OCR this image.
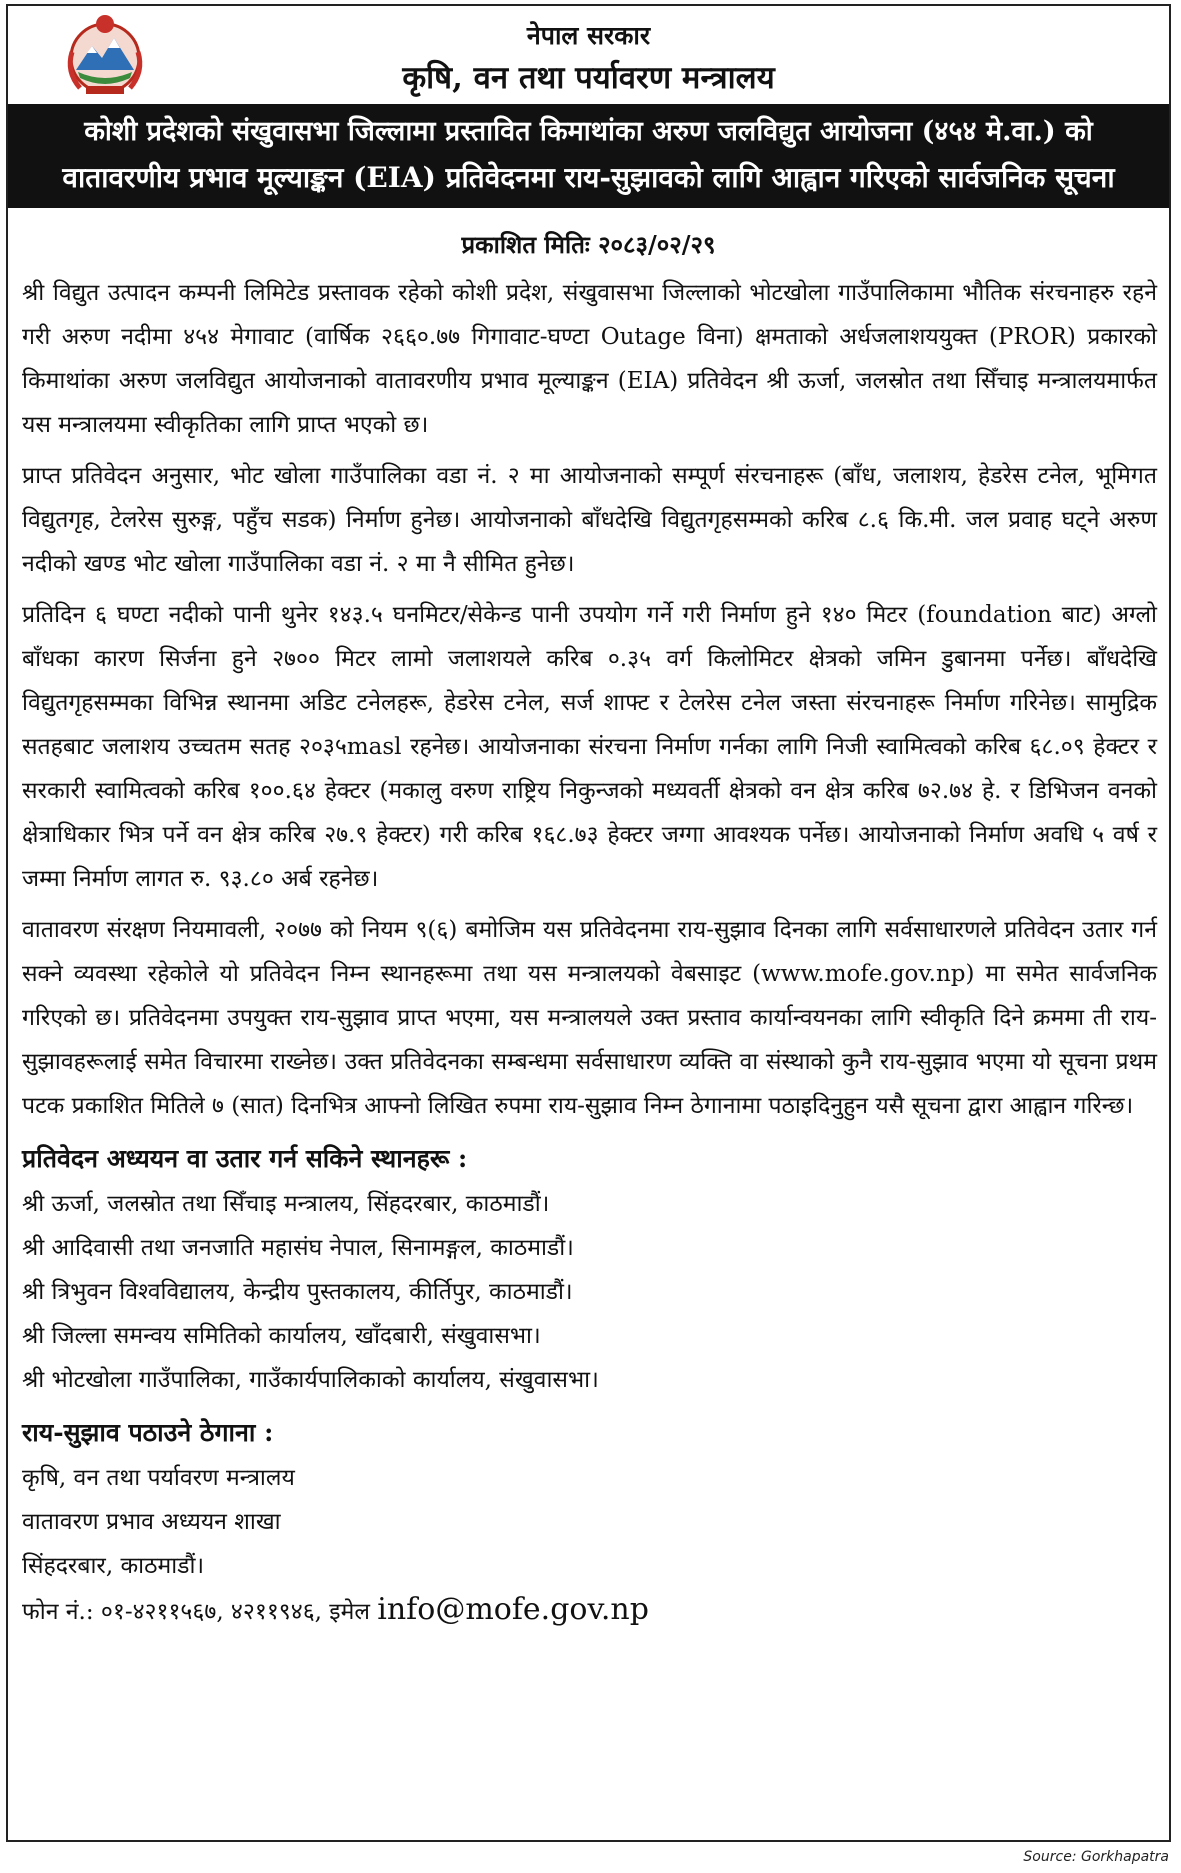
नेपाल सरकार
कृषि, वन तथा पर्यावरण मन्त्रालय
कोशी प्रदेशको संखुवासभा जिल्लामा प्रस्तावित किमाथांका अरुण जलविद्युत आयोजना (४५४ मे.वा.) को
वातावरणीय प्रभाव मूल्याङ्कन (EIA) प्रतिवेदनमा राय-सुझावको लागि आह्वान गरिएको सार्वजनिक सूचना
प्रकाशित मितिः २०८३/०२/२९

श्री विद्युत उत्पादन कम्पनी लिमिटेड प्रस्तावक रहेको कोशी प्रदेश, संखुवासभा जिल्लाको भोटखोला गाउँपालिकामा भौतिक संरचनाहरु रहने गरी अरुण नदीमा ४५४ मेगावाट (वार्षिक २६६०.७७ गिगावाट-घण्टा Outage विना) क्षमताको अर्धजलाशययुक्त (PROR) प्रकारको किमाथांका अरुण जलविद्युत आयोजनाको वातावरणीय प्रभाव मूल्याङ्कन (EIA) प्रतिवेदन श्री ऊर्जा, जलस्रोत तथा सिँचाइ मन्त्रालयमार्फत यस मन्त्रालयमा स्वीकृतिका लागि प्राप्त भएको छ।

प्राप्त प्रतिवेदन अनुसार, भोट खोला गाउँपालिका वडा नं. २ मा आयोजनाको सम्पूर्ण संरचनाहरू (बाँध, जलाशय, हेडरेस टनेल, भूमिगत विद्युतगृह, टेलरेस सुरुङ्ग, पहुँच सडक) निर्माण हुनेछ। आयोजनाको बाँधदेखि विद्युतगृहसम्मको करिब ८.६ कि.मी. जल प्रवाह घट्ने अरुण नदीको खण्ड भोट खोला गाउँपालिका वडा नं. २ मा नै सीमित हुनेछ।

प्रतिदिन ६ घण्टा नदीको पानी थुनेर १४३.५ घनमिटर/सेकेन्ड पानी उपयोग गर्ने गरी निर्माण हुने १४० मिटर (foundation बाट) अग्लो बाँधका कारण सिर्जना हुने २७०० मिटर लामो जलाशयले करिब ०.३५ वर्ग किलोमिटर क्षेत्रको जमिन डुबानमा पर्नेछ। बाँधदेखि विद्युतगृहसम्मका विभिन्न स्थानमा अडिट टनेलहरू, हेडरेस टनेल, सर्ज शाफ्ट र टेलरेस टनेल जस्ता संरचनाहरू निर्माण गरिनेछ। सामुद्रिक सतहबाट जलाशय उच्चतम सतह २०३५masl रहनेछ। आयोजनाका संरचना निर्माण गर्नका लागि निजी स्वामित्वको करिब ६८.०९ हेक्टर र सरकारी स्वामित्वको करिब १००.६४ हेक्टर (मकालु वरुण राष्ट्रिय निकुन्जको मध्यवर्ती क्षेत्रको वन क्षेत्र करिब ७२.७४ हे. र डिभिजन वनको क्षेत्राधिकार भित्र पर्ने वन क्षेत्र करिब २७.९ हेक्टर) गरी करिब १६८.७३ हेक्टर जग्गा आवश्यक पर्नेछ। आयोजनाको निर्माण अवधि ५ वर्ष र जम्मा निर्माण लागत रु. ९३.८० अर्ब रहनेछ।

वातावरण संरक्षण नियमावली, २०७७ को नियम ९(६) बमोजिम यस प्रतिवेदनमा राय-सुझाव दिनका लागि सर्वसाधारणले प्रतिवेदन उतार गर्न सक्ने व्यवस्था रहेकोले यो प्रतिवेदन निम्न स्थानहरूमा तथा यस मन्त्रालयको वेबसाइट (www.mofe.gov.np) मा समेत सार्वजनिक गरिएको छ। प्रतिवेदनमा उपयुक्त राय-सुझाव प्राप्त भएमा, यस मन्त्रालयले उक्त प्रस्ताव कार्यान्वयनका लागि स्वीकृति दिने क्रममा ती राय-सुझावहरूलाई समेत विचारमा राख्नेछ। उक्त प्रतिवेदनका सम्बन्धमा सर्वसाधारण व्यक्ति वा संस्थाको कुनै राय-सुझाव भएमा यो सूचना प्रथम पटक प्रकाशित मितिले ७ (सात) दिनभित्र आफ्नो लिखित रुपमा राय-सुझाव निम्न ठेगानामा पठाइदिनुहुन यसै सूचना द्वारा आह्वान गरिन्छ।

प्रतिवेदन अध्ययन वा उतार गर्न सकिने स्थानहरू :
श्री ऊर्जा, जलस्रोत तथा सिँचाइ मन्त्रालय, सिंहदरबार, काठमाडौं।
श्री आदिवासी तथा जनजाति महासंघ नेपाल, सिनामङ्गल, काठमाडौं।
श्री त्रिभुवन विश्वविद्यालय, केन्द्रीय पुस्तकालय, कीर्तिपुर, काठमाडौं।
श्री जिल्ला समन्वय समितिको कार्यालय, खाँदबारी, संखुवासभा।
श्री भोटखोला गाउँपालिका, गाउँकार्यपालिकाको कार्यालय, संखुवासभा।
राय-सुझाव पठाउने ठेगाना :
कृषि, वन तथा पर्यावरण मन्त्रालय
वातावरण प्रभाव अध्ययन शाखा
सिंहदरबार, काठमाडौं।
फोन नं.: ०१-४२११५६७, ४२११९४६, इमेल info@mofe.gov.np
Source: Gorkhapatra
